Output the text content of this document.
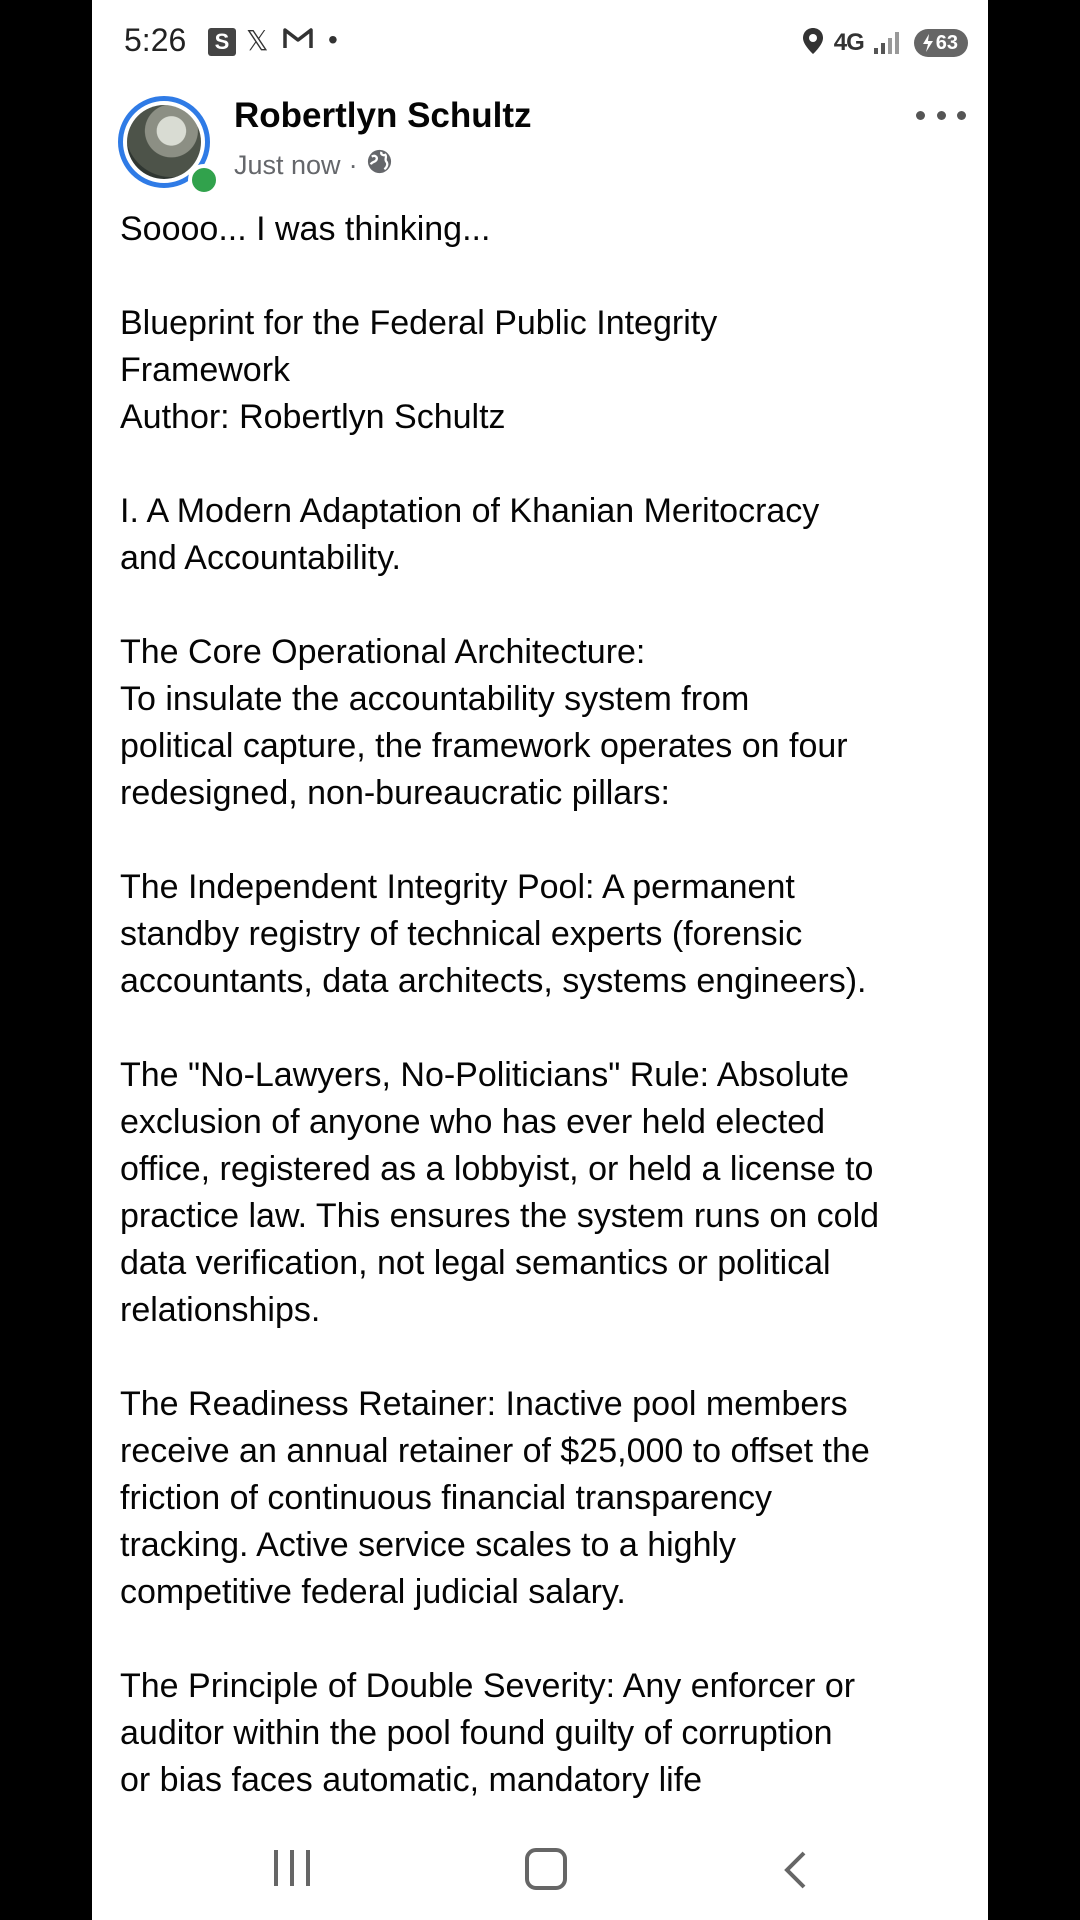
5:26	S 𝕏 •	4G	63
Robertlyn Schultz
Just now ·

Soooo... I was thinking...

Blueprint for the Federal Public Integrity
Framework
Author: Robertlyn Schultz

I. A Modern Adaptation of Khanian Meritocracy
and Accountability.

The Core Operational Architecture:
To insulate the accountability system from
political capture, the framework operates on four
redesigned, non-bureaucratic pillars:

The Independent Integrity Pool: A permanent
standby registry of technical experts (forensic
accountants, data architects, systems engineers).

The "No-Lawyers, No-Politicians" Rule: Absolute
exclusion of anyone who has ever held elected
office, registered as a lobbyist, or held a license to
practice law. This ensures the system runs on cold
data verification, not legal semantics or political
relationships.

The Readiness Retainer: Inactive pool members
receive an annual retainer of $25,000 to offset the
friction of continuous financial transparency
tracking. Active service scales to a highly
competitive federal judicial salary.

The Principle of Double Severity: Any enforcer or
auditor within the pool found guilty of corruption
or bias faces automatic, mandatory life
